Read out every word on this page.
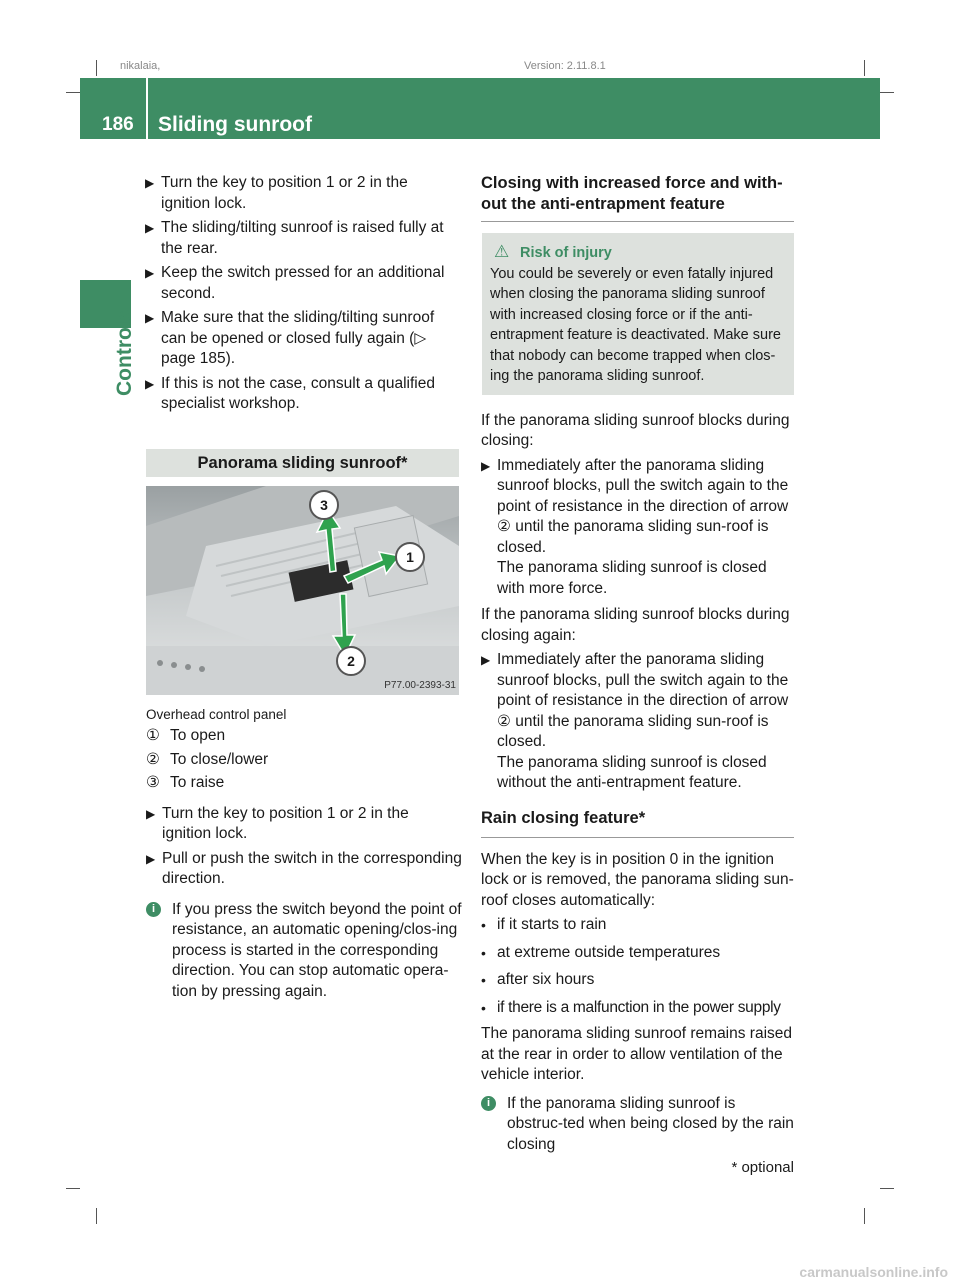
nikalaia,	Version: 2.11.8.1
186 Sliding sunroof
Controls
▶ Turn the key to position 1 or 2 in the ignition lock.
▶ The sliding/tilting sunroof is raised fully at the rear.
▶ Keep the switch pressed for an additional second.
▶ Make sure that the sliding/tilting sunroof can be opened or closed fully again (▷ page 185).
▶ If this is not the case, consult a qualified specialist workshop.
Panorama sliding sunroof*
3
1
2
P77.00-2393-31
Overhead control panel
① To open
② To close/lower
③ To raise
▶ Turn the key to position 1 or 2 in the ignition lock.
▶ Pull or push the switch in the corresponding direction.
i	If you press the switch beyond the point of resistance, an automatic opening/clos-ing process is started in the corresponding direction. You can stop automatic opera-tion by pressing again.
Closing with increased force and with-out the anti-entrapment feature
⚠ Risk of injury
You could be severely or even fatally injured when closing the panorama sliding sunroof with increased closing force or if the anti-entrapment feature is deactivated. Make sure that nobody can become trapped when clos-ing the panorama sliding sunroof.
If the panorama sliding sunroof blocks during closing:
▶ Immediately after the panorama sliding sunroof blocks, pull the switch again to the point of resistance in the direction of arrow ② until the panorama sliding sun-roof is closed.
The panorama sliding sunroof is closed with more force.
If the panorama sliding sunroof blocks during closing again:
▶ Immediately after the panorama sliding sunroof blocks, pull the switch again to the point of resistance in the direction of arrow ② until the panorama sliding sun-roof is closed.
The panorama sliding sunroof is closed without the anti-entrapment feature.
Rain closing feature*
When the key is in position 0 in the ignition lock or is removed, the panorama sliding sun-roof closes automatically:
• if it starts to rain
• at extreme outside temperatures
• after six hours
• if there is a malfunction in the power supply
The panorama sliding sunroof remains raised at the rear in order to allow ventilation of the vehicle interior.
i	If the panorama sliding sunroof is obstruc-ted when being closed by the rain closing
* optional
carmanualsonline.info
